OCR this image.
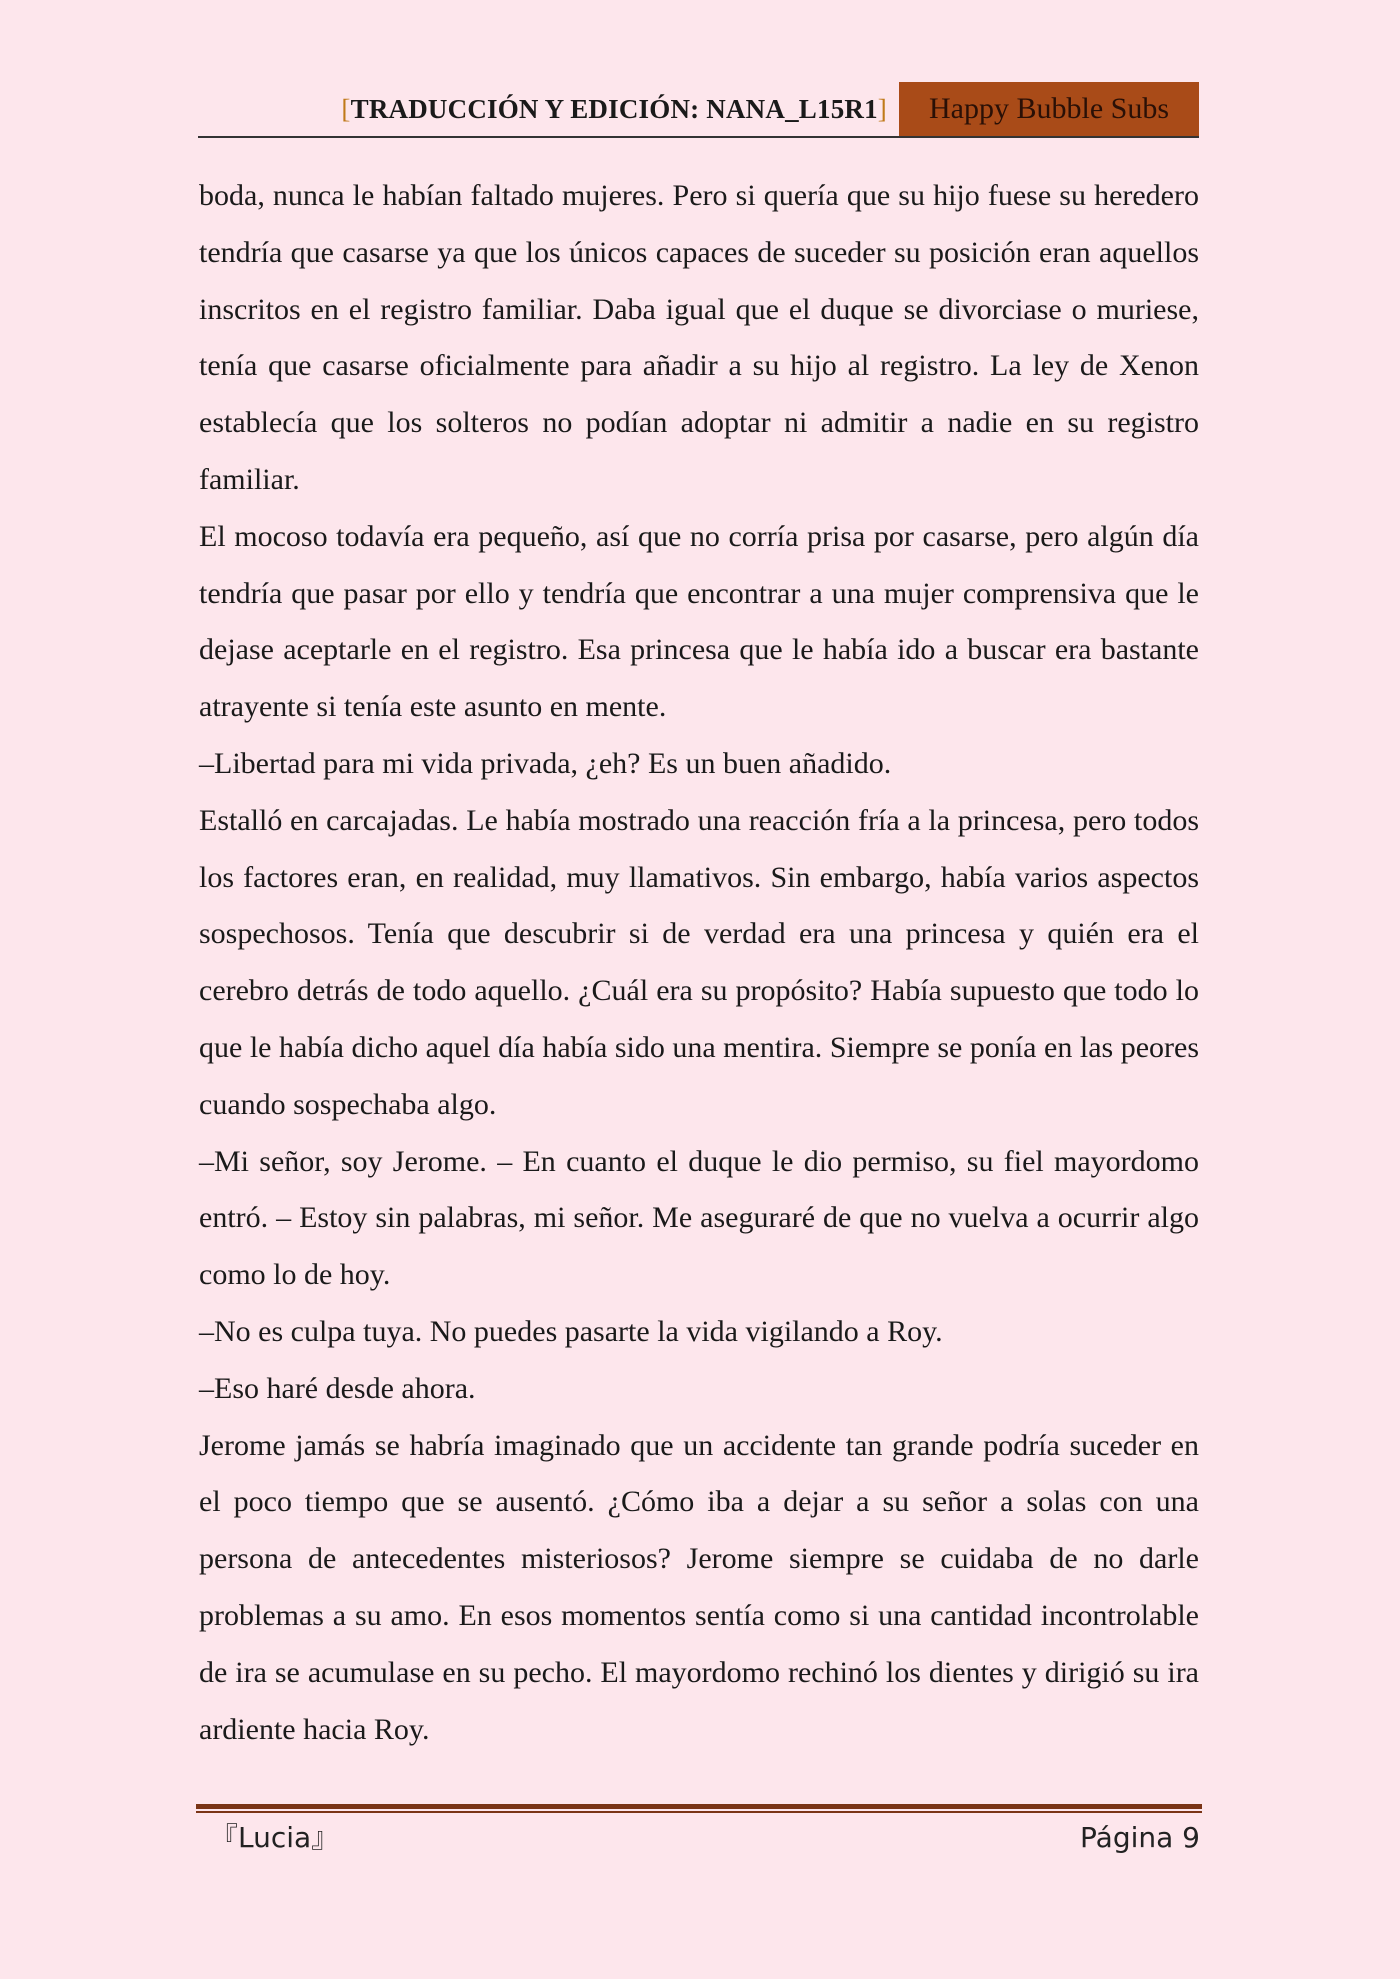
[ TRADUCCIÓN Y EDICIÓN: NANA_L15R1 ]	Happy Bubble Subs

boda, nunca le habían faltado mujeres. Pero si quería que su hijo fuese su heredero tendría que casarse ya que los únicos capaces de suceder su posición eran aquellos inscritos en el registro familiar. Daba igual que el duque se divorciase o muriese, tenía que casarse oficialmente para añadir a su hijo al registro. La ley de Xenon establecía que los solteros no podían adoptar ni admitir a nadie en su registro familiar.

El mocoso todavía era pequeño, así que no corría prisa por casarse, pero algún día tendría que pasar por ello y tendría que encontrar a una mujer comprensiva que le dejase aceptarle en el registro. Esa princesa que le había ido a buscar era bastante atrayente si tenía este asunto en mente.

–Libertad para mi vida privada, ¿eh? Es un buen añadido.

Estalló en carcajadas. Le había mostrado una reacción fría a la princesa, pero todos los factores eran, en realidad, muy llamativos. Sin embargo, había varios aspectos sospechosos. Tenía que descubrir si de verdad era una princesa y quién era el cerebro detrás de todo aquello. ¿Cuál era su propósito? Había supuesto que todo lo que le había dicho aquel día había sido una mentira. Siempre se ponía en las peores cuando sospechaba algo.

–Mi señor, soy Jerome. – En cuanto el duque le dio permiso, su fiel mayordomo entró. – Estoy sin palabras, mi señor. Me aseguraré de que no vuelva a ocurrir algo como lo de hoy.

–No es culpa tuya. No puedes pasarte la vida vigilando a Roy.

–Eso haré desde ahora.

Jerome jamás se habría imaginado que un accidente tan grande podría suceder en el poco tiempo que se ausentó. ¿Cómo iba a dejar a su señor a solas con una persona de antecedentes misteriosos? Jerome siempre se cuidaba de no darle problemas a su amo. En esos momentos sentía como si una cantidad incontrolable de ira se acumulase en su pecho. El mayordomo rechinó los dientes y dirigió su ira ardiente hacia Roy.

『Lucia』	Página 9
